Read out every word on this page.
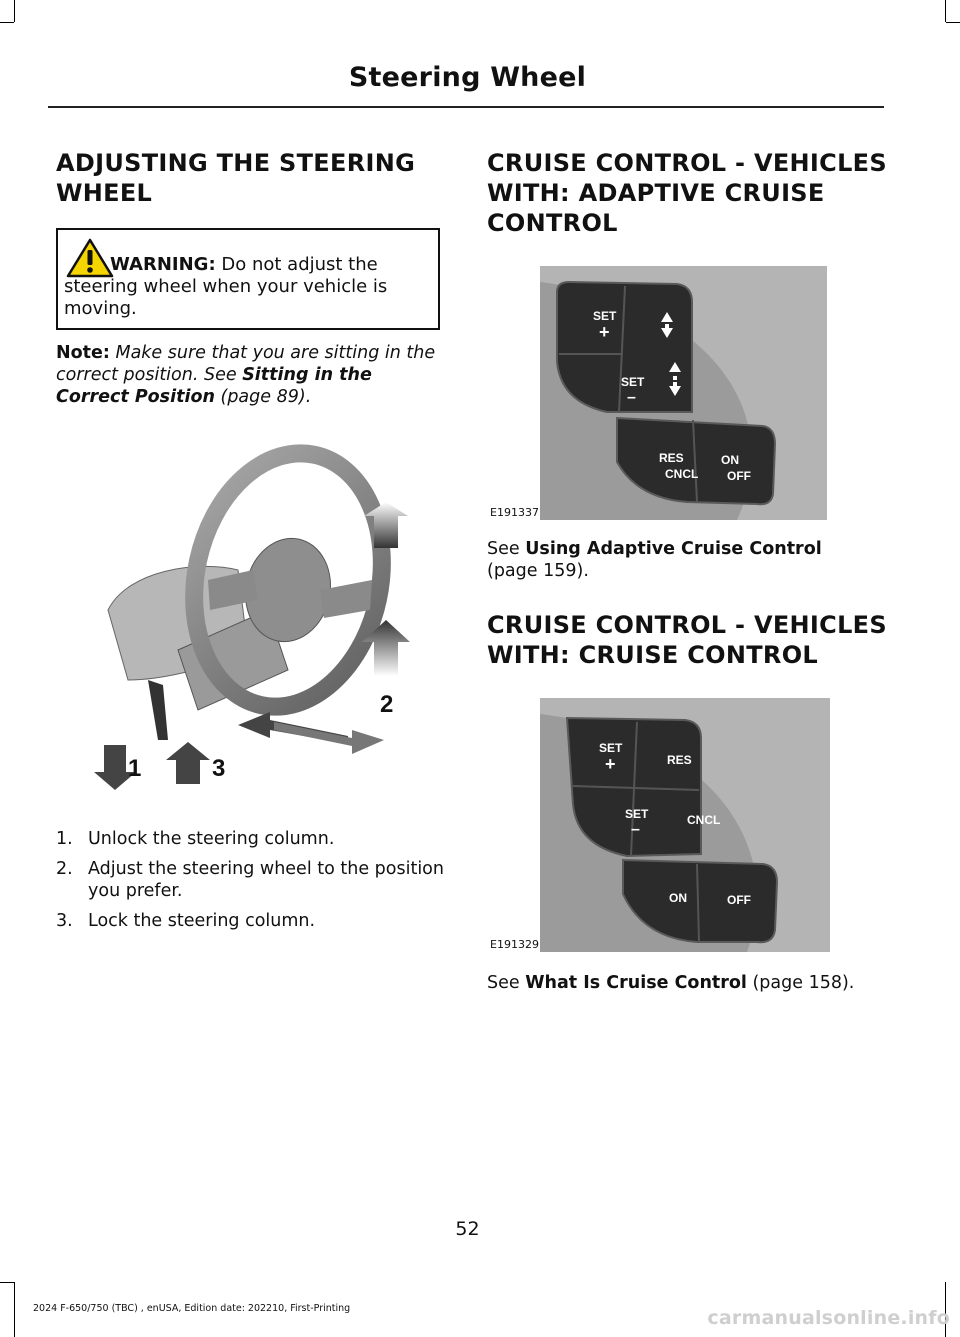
Steering Wheel
ADJUSTING THE STEERING
WHEEL
WARNING: Do not adjust the steering wheel when your vehicle is moving.
Note: Make sure that you are sitting in the correct position. See Sitting in the Correct Position (page 89).
1
2
3
1. Unlock the steering column.
2. Adjust the steering wheel to the position you prefer.
3. Lock the steering column.
CRUISE CONTROL - VEHICLES
WITH: ADAPTIVE CRUISE
CONTROL
SET
+
SET
–
RES
CNCL
ON
OFF
E191337
See Using Adaptive Cruise Control
(page 159).
CRUISE CONTROL - VEHICLES
WITH: CRUISE CONTROL
SET
+
SET
–
RES
CNCL
ON	OFF
E191329
See What Is Cruise Control (page 158).
52
2024 F-650/750 (TBC) , enUSA, Edition date: 202210, First-Printing	carmanualsonline.info
